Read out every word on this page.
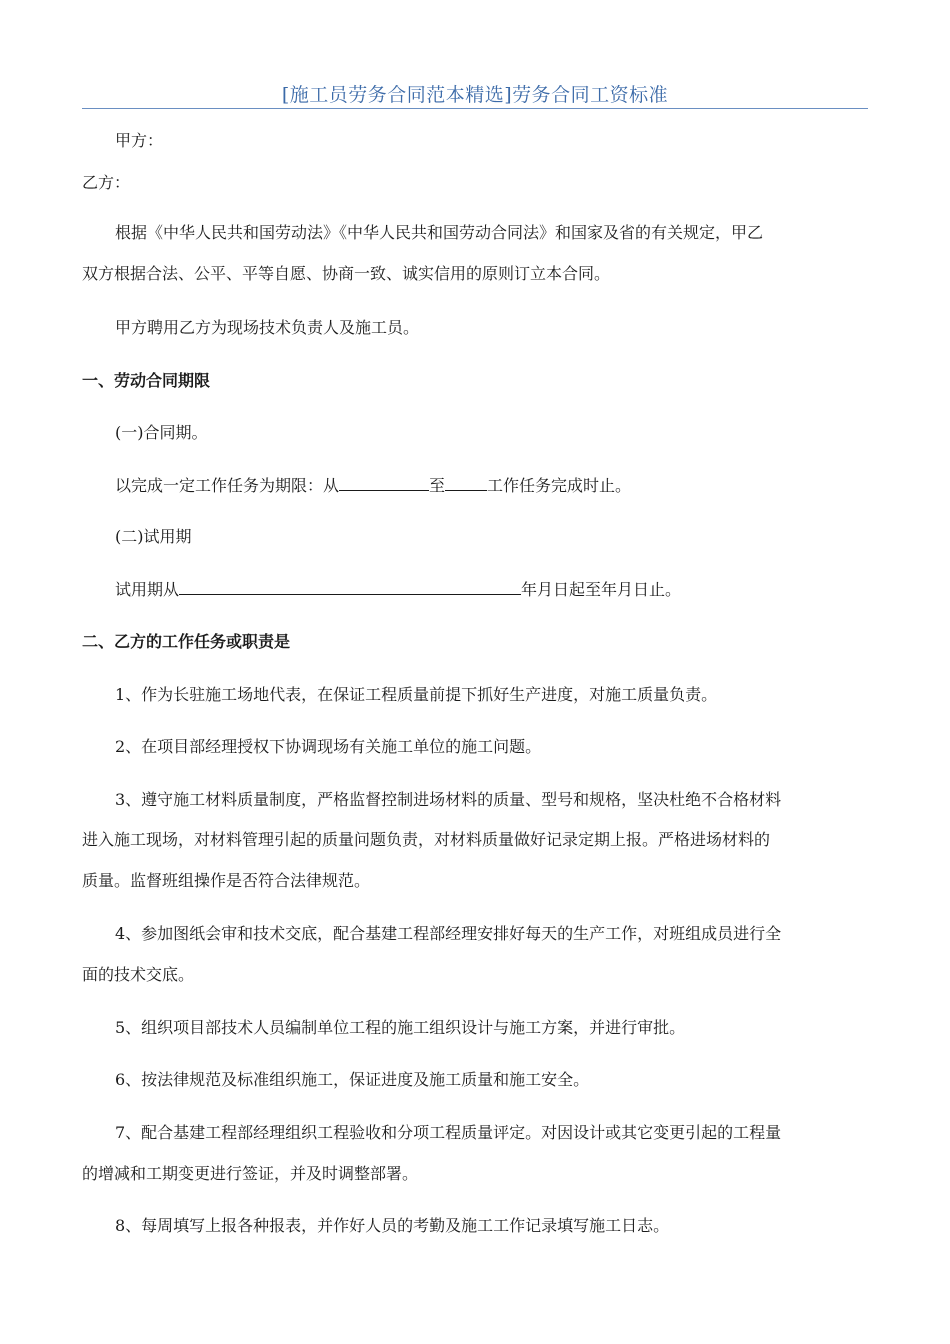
[施工员劳务合同范本精选]劳务合同工资标准
甲方：
乙方：
根据《中华人民共和国劳动法》《中华人民共和国劳动合同法》和国家及省的有关规定，甲乙
双方根据合法、公平、平等自愿、协商一致、诚实信用的原则订立本合同。
甲方聘用乙方为现场技术负责人及施工员。
一、劳动合同期限
(一)合同期。
以完成一定工作任务为期限：从	至	工作任务完成时止。
(二)试用期
试用期从	年月日起至年月日止。
二、乙方的工作任务或职责是
1、作为长驻施工场地代表，在保证工程质量前提下抓好生产进度，对施工质量负责。
2、在项目部经理授权下协调现场有关施工单位的施工问题。
3、遵守施工材料质量制度，严格监督控制进场材料的质量、型号和规格，坚决杜绝不合格材料
进入施工现场，对材料管理引起的质量问题负责，对材料质量做好记录定期上报。严格进场材料的
质量。监督班组操作是否符合法律规范。
4、参加图纸会审和技术交底，配合基建工程部经理安排好每天的生产工作，对班组成员进行全
面的技术交底。
5、组织项目部技术人员编制单位工程的施工组织设计与施工方案，并进行审批。
6、按法律规范及标准组织施工，保证进度及施工质量和施工安全。
7、配合基建工程部经理组织工程验收和分项工程质量评定。对因设计或其它变更引起的工程量
的增减和工期变更进行签证，并及时调整部署。
8、每周填写上报各种报表，并作好人员的考勤及施工工作记录填写施工日志。
